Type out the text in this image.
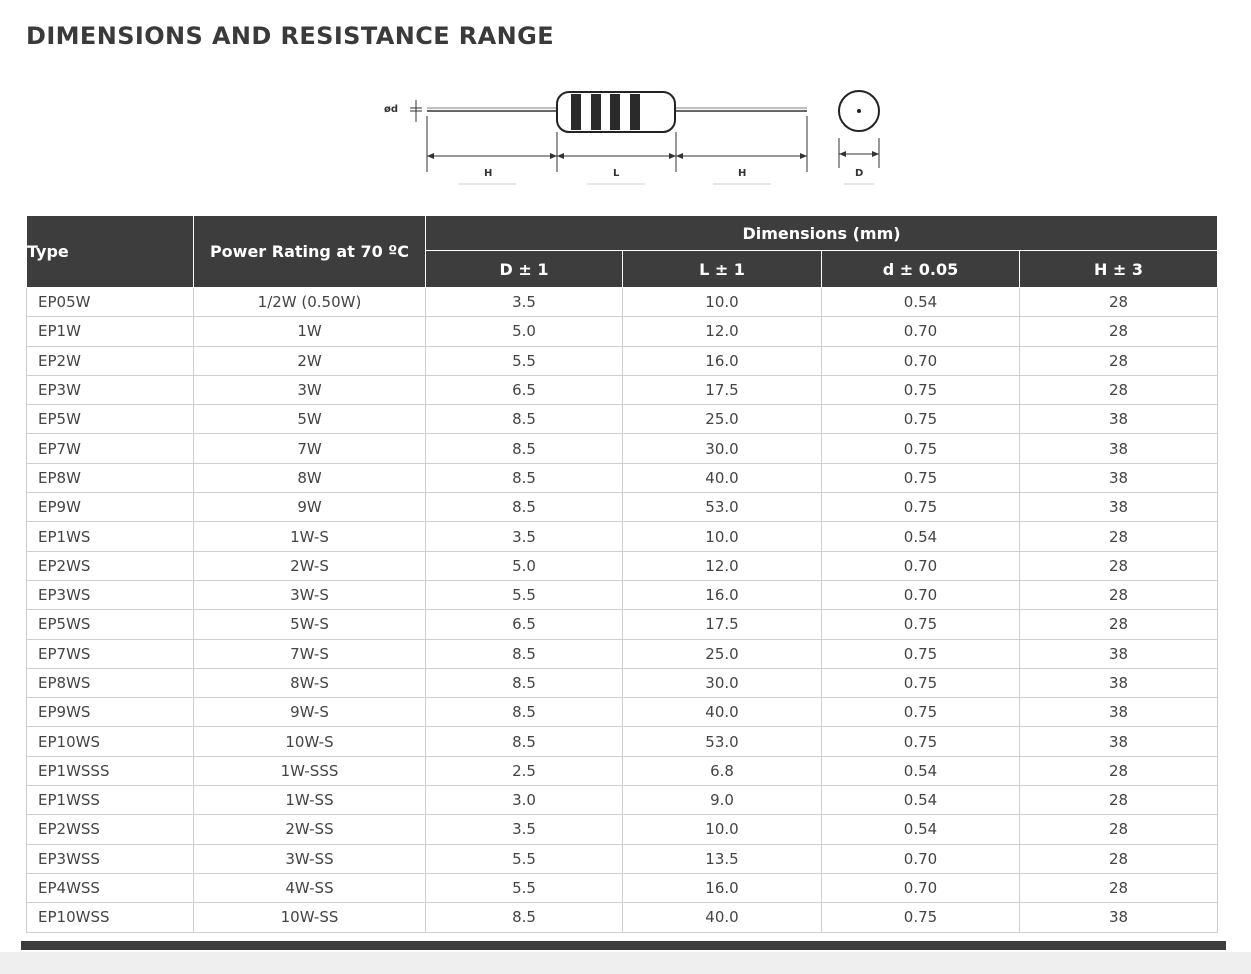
DIMENSIONS AND RESISTANCE RANGE
ød
H	L	H	D
Type	Power Rating at 70 ºC	Dimensions (mm)			
		D ± 1	L ± 1	d ± 0.05	H ± 3
EP05W	1/2W (0.50W)	3.5	10.0	0.54	28
EP1W	1W	5.0	12.0	0.70	28
EP2W	2W	5.5	16.0	0.70	28
EP3W	3W	6.5	17.5	0.75	28
EP5W	5W	8.5	25.0	0.75	38
EP7W	7W	8.5	30.0	0.75	38
EP8W	8W	8.5	40.0	0.75	38
EP9W	9W	8.5	53.0	0.75	38
EP1WS	1W-S	3.5	10.0	0.54	28
EP2WS	2W-S	5.0	12.0	0.70	28
EP3WS	3W-S	5.5	16.0	0.70	28
EP5WS	5W-S	6.5	17.5	0.75	28
EP7WS	7W-S	8.5	25.0	0.75	38
EP8WS	8W-S	8.5	30.0	0.75	38
EP9WS	9W-S	8.5	40.0	0.75	38
EP10WS	10W-S	8.5	53.0	0.75	38
EP1WSSS	1W-SSS	2.5	6.8	0.54	28
EP1WSS	1W-SS	3.0	9.0	0.54	28
EP2WSS	2W-SS	3.5	10.0	0.54	28
EP3WSS	3W-SS	5.5	13.5	0.70	28
EP4WSS	4W-SS	5.5	16.0	0.70	28
EP10WSS	10W-SS	8.5	40.0	0.75	38
